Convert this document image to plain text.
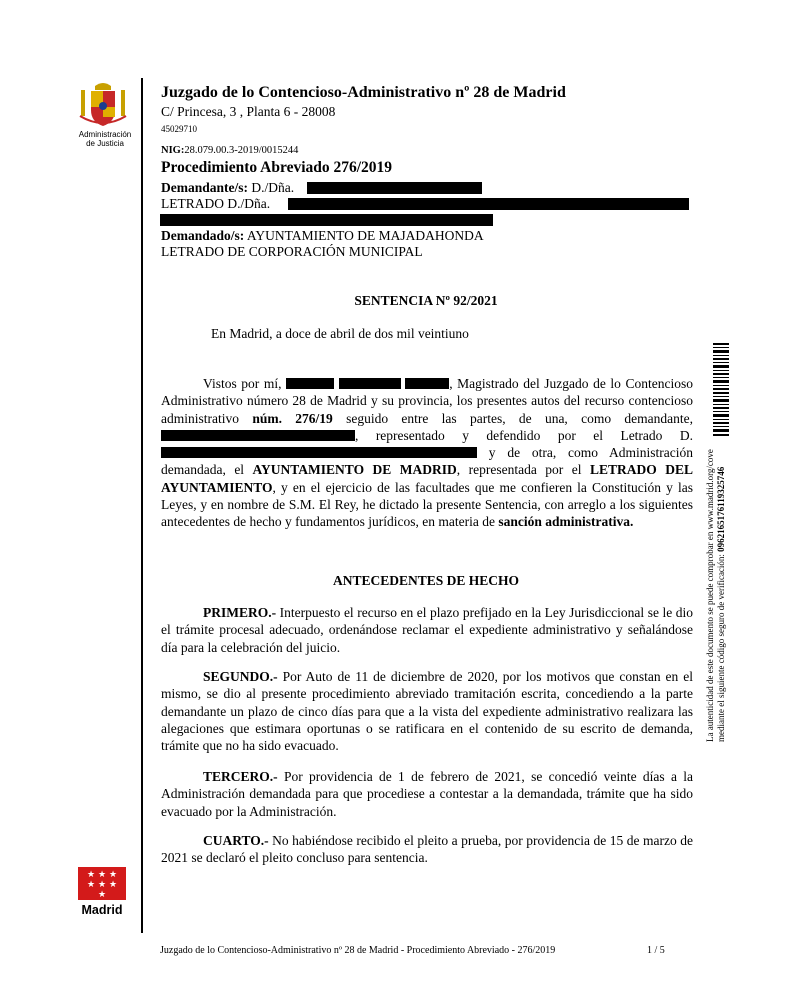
Administración
de Justicia
Juzgado de lo Contencioso-Administrativo nº 28 de Madrid
C/ Princesa, 3 , Planta 6 - 28008
45029710
NIG:28.079.00.3-2019/0015244
Procedimiento Abreviado 276/2019
Demandante/s: D./Dña.
LETRADO D./Dña.
Demandado/s: AYUNTAMIENTO DE MAJADAHONDA
LETRADO DE CORPORACIÓN MUNICIPAL
SENTENCIA Nº 92/2021
En Madrid, a doce de abril de dos mil veintiuno
Vistos por mí,	, Magistrado del Juzgado de lo Contencioso Administrativo número 28 de Madrid y su provincia, los presentes autos del recurso contencioso administrativo núm. 276/19 seguido entre las partes, de una, como demandante, , representado y defendido por el Letrado D.  y de otra, como Administración demandada, el AYUNTAMIENTO DE MADRID, representada por el LETRADO DEL AYUNTAMIENTO, y en el ejercicio de las facultades que me confieren la Constitución y las Leyes, y en nombre de S.M. El Rey, he dictado la presente Sentencia, con arreglo a los siguientes antecedentes de hecho y fundamentos jurídicos, en materia de sanción administrativa.
ANTECEDENTES DE HECHO
PRIMERO.- Interpuesto el recurso en el plazo prefijado en la Ley Jurisdiccional se le dio el trámite procesal adecuado, ordenándose reclamar el expediente administrativo y señalándose día para la celebración del juicio.
SEGUNDO.- Por Auto de 11 de diciembre de 2020, por los motivos que constan en el mismo, se dio al presente procedimiento abreviado tramitación escrita, concediendo a la parte demandante un plazo de cinco días para que a la vista del expediente administrativo realizara las alegaciones que estimara oportunas o se ratificara en el contenido de su escrito de demanda, trámite que no ha sido evacuado.
TERCERO.- Por providencia de 1 de febrero de 2021, se concedió veinte días a la Administración demandada para que procediese a contestar a la demandada, trámite que ha sido evacuado por la Administración.
CUARTO.- No habiéndose recibido el pleito a prueba, por providencia de 15 de marzo de 2021 se declaró el pleito concluso para sentencia.
La autenticidad de este documento se puede comprobar en www.madrid.org/cove mediante el siguiente código seguro de verificación: 0962165176119325746
★ ★ ★
★ ★ ★
★
Madrid
Juzgado de lo Contencioso-Administrativo nº 28 de Madrid - Procedimiento Abreviado - 276/2019	1 / 5
